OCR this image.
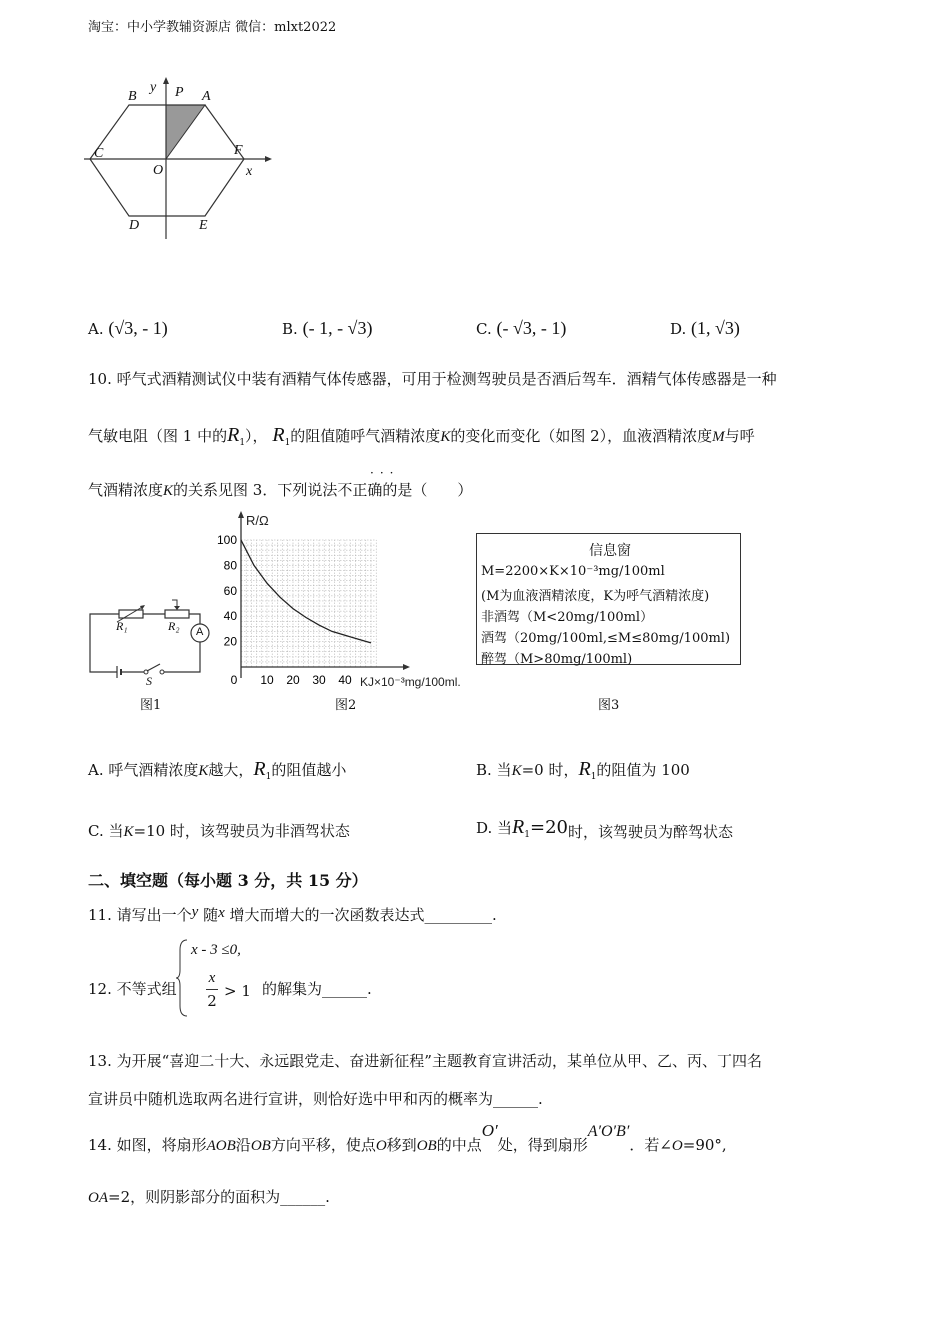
淘宝：中小学教辅资源店 微信：mlxt2022
B
y P A
C
O
F
x
D	E
A. (√3, - 1)	B. (- 1, - √3)	C. (- √3, - 1)	D. (1, √3)
10. 呼气式酒精测试仪中装有酒精气体传感器，可用于检测驾驶员是否酒后驾车．酒精气体传感器是一种
气敏电阻（图 1 中的$R_1$）， $R_1$的阻值随呼气酒精浓度K的变化而变化（如图 2），血液酒精浓度M与呼
···
气酒精浓度K的关系见图 3．下列说法不正确的是（　　）
R₁	R₂ A
S
图1
100
80
60
40
20
0 10 20 30 40
R/Ω
KJ×10⁻³mg/100ml.
图2
信息窗
M=2200×K×10⁻³mg/100ml
(M为血液酒精浓度，K为呼气酒精浓度)
非酒驾（M<20mg/100ml）
酒驾（20mg/100ml,≤M≤80mg/100ml)
醉驾（M>80mg/100ml)
图3
A. 呼气酒精浓度K越大，$R_1$的阻值越小	B. 当K=0 时，$R_1$的阻值为 100
C. 当K=10 时，该驾驶员为非酒驾状态	D. 当$R_1=20$时，该驾驶员为醉驾状态
二、填空题（每小题 3 分，共 15 分）
11. 请写出一个y 随x 增大而增大的一次函数表达式_________.
12. 不等式组
x - 3 ≤0,
x
2
> 1 的解集为______.
13. 为开展“喜迎二十大、永远跟党走、奋进新征程”主题教育宣讲活动，某单位从甲、乙、丙、丁四名
宣讲员中随机选取两名进行宣讲，则恰好选中甲和丙的概率为______.
14. 如图，将扇形AOB沿OB方向平移，使点O移到OB的中点O′处，得到扇形A′O′B′．若∠O=90°,
OA=2，则阴影部分的面积为______.
